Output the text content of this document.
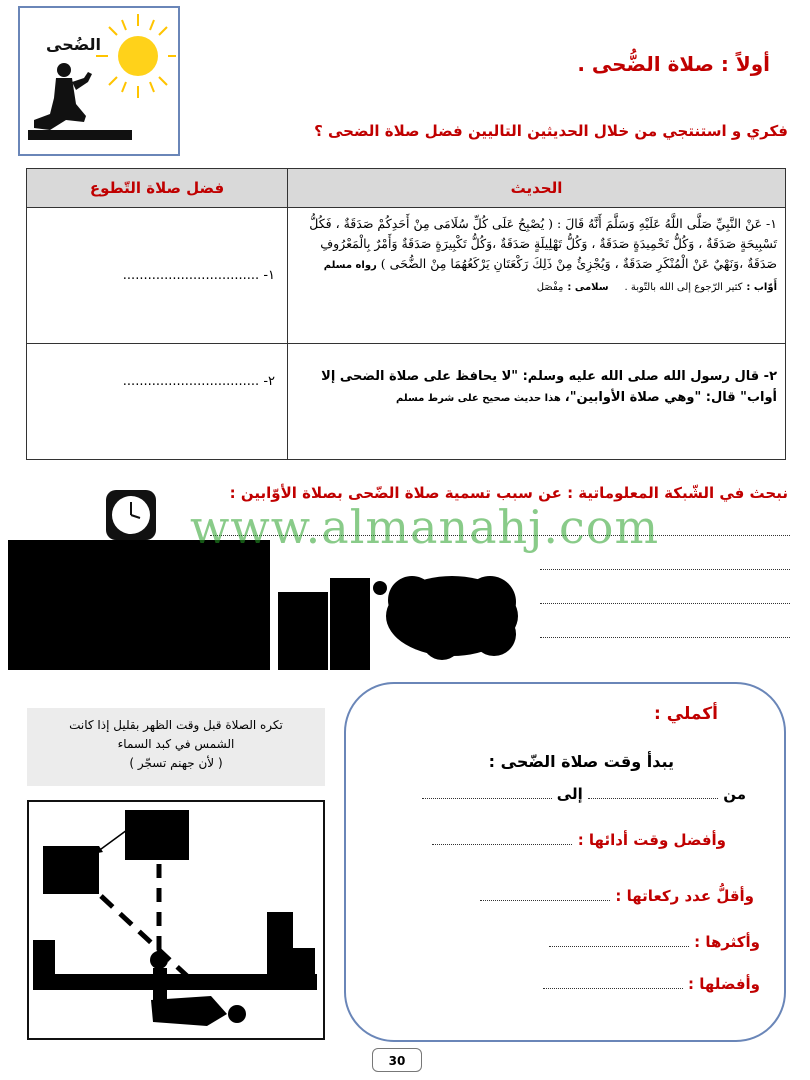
الضُحى
أولاً : صلاة الضُّحى .
فكري و استنتجي من خلال الحديثين التاليين فضل صلاة الضحى ؟
فضل صلاة التّطوع	الحديث
١- .................................	١- عَنْ النَّبِيِّ صَلَّى اللَّهُ عَلَيْهِ وَسَلَّمَ أَنَّهُ قَالَ : ( يُصْبِحُ عَلَى كُلِّ سُلَامَى مِنْ أَحَدِكُمْ صَدَقَةٌ ، فَكُلُّ تَسْبِيحَةٍ صَدَقَةٌ ، وَكُلُّ تَحْمِيدَةٍ صَدَقَةٌ ، وَكُلُّ تَهْلِيلَةٍ صَدَقَةٌ ،وَكُلُّ تَكْبِيرَةٍ صَدَقَةٌ وَأَمْرٌ بِالْمَعْرُوفِ صَدَقَةٌ ،وَنَهْيٌ عَنْ الْمُنْكَرِ صَدَقَةٌ ، وَيُجْزِئُ مِنْ ذَلِكَ رَكْعَتَانِ يَرْكَعُهُمَا مِنْ الضُّحَى ) رواه مسلم
أَوّاب : كثير الرّجوع إلى الله بالتّوبة .    سلامى : مِفْصَل
٢- .................................	٢- قال رسول الله صلى الله عليه وسلم: "لا يحافظ على صلاة الضحى إلا أواب" قال: "وهي صلاة الأوابين"، هذا حديث صحيح على شرط مسلم
نبحث في الشّبكة المعلوماتية : عن سبب تسمية صلاة الضّحى بصلاة الأوّابين :
www.almanahj.com
أكملي :
يبدأ وقت صلاة الضّحى :
من  إلى
وأفضل وقت أدائها :
وأقلُّ عدد ركعاتها :
وأكثرها :
وأفضلها :
تكره الصلاة قبل وقت الظهر بقليل إذا كانت
الشمس في كبد السماء
( لأن جهنم تسجّر )
30
